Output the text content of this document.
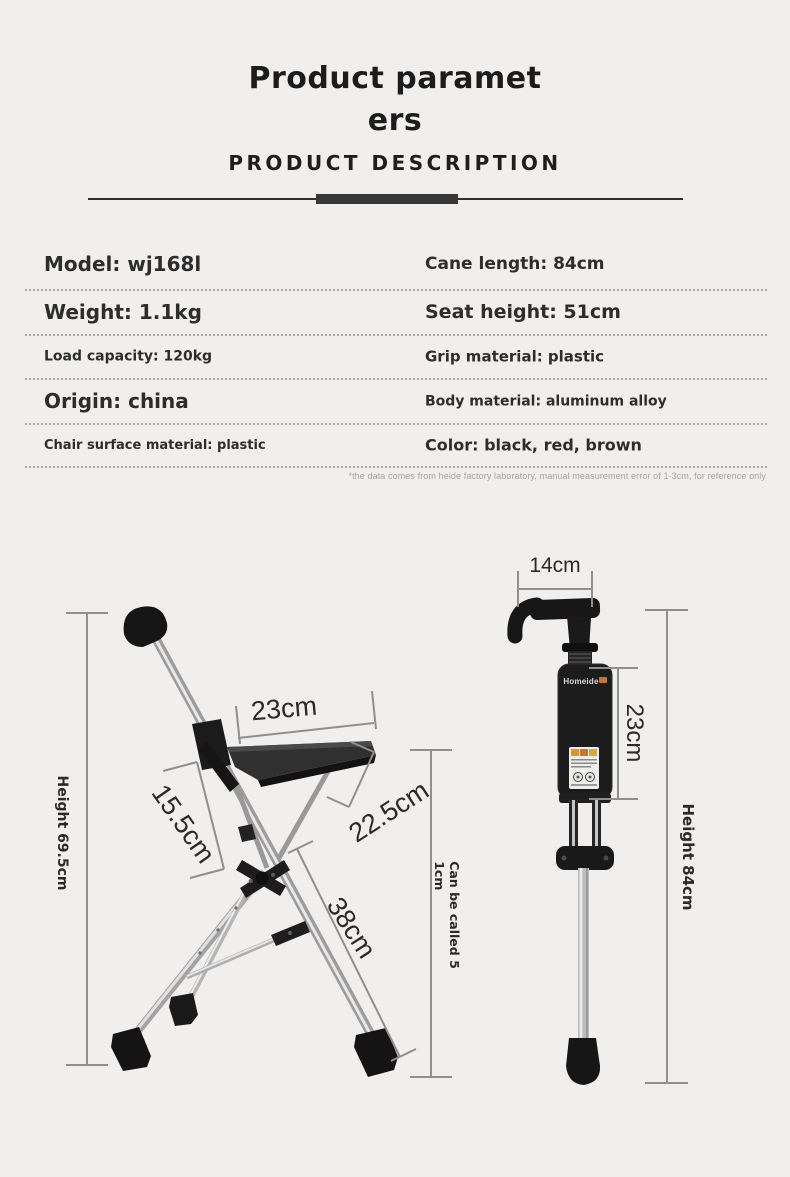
Product paramet
ers
PRODUCT DESCRIPTION
Model: wj168l	Cane length: 84cm
Weight: 1.1kg	Seat height: 51cm
Load capacity: 120kg	Grip material: plastic
Origin: china	Body material: aluminum alloy
Chair surface material: plastic	Color: black, red, brown
*the data comes from heide factory laboratory, manual measurement error of 1-3cm, for reference only
Homeide
Height 69.5cm
23cm
15.5cm	22.5cm
38cm	Can be called 5
1cm
14cm
23cm
Height 84cm
